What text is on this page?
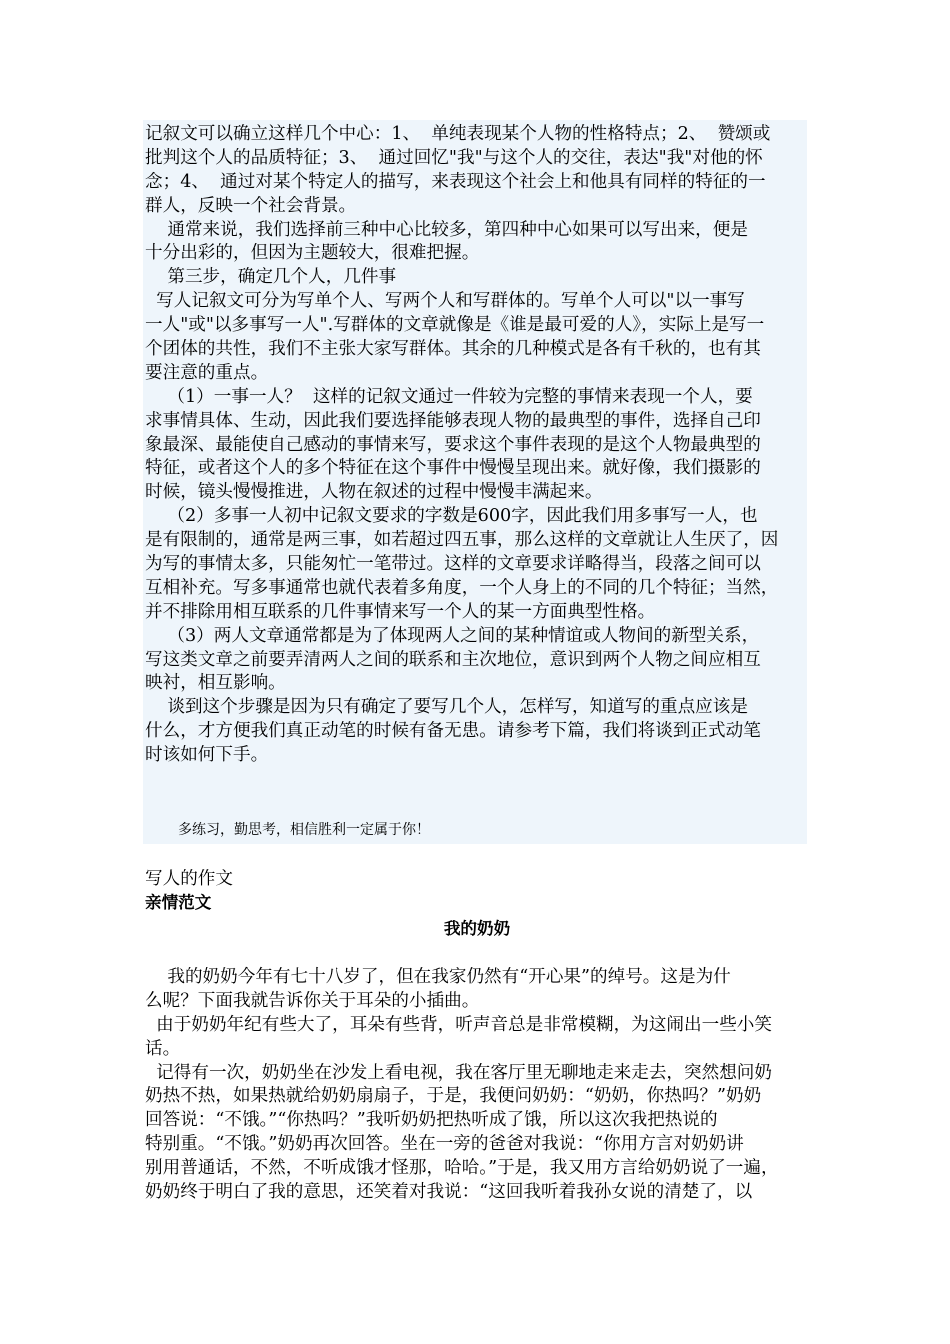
记叙文可以确立这样几个中心：1、  单纯表现某个人物的性格特点；2、  赞颂或
批判这个人的品质特征；3、  通过回忆"我"与这个人的交往，表达"我"对他的怀
念；4、  通过对某个特定人的描写，来表现这个社会上和他具有同样的特征的一
群人，反映一个社会背景。
通常来说，我们选择前三种中心比较多，第四种中心如果可以写出来，便是
十分出彩的，但因为主题较大，很难把握。
第三步，确定几个人，几件事
写人记叙文可分为写单个人、写两个人和写群体的。写单个人可以"以一事写
一人"或"以多事写一人".写群体的文章就像是《谁是最可爱的人》，实际上是写一
个团体的共性，我们不主张大家写群体。其余的几种模式是各有千秋的，也有其
要注意的重点。
（1）一事一人？  这样的记叙文通过一件较为完整的事情来表现一个人，要
求事情具体、生动，因此我们要选择能够表现人物的最典型的事件，选择自己印
象最深、最能使自己感动的事情来写，要求这个事件表现的是这个人物最典型的
特征，或者这个人的多个特征在这个事件中慢慢呈现出来。就好像，我们摄影的
时候，镜头慢慢推进，人物在叙述的过程中慢慢丰满起来。
（2）多事一人初中记叙文要求的字数是600字，因此我们用多事写一人，也
是有限制的，通常是两三事，如若超过四五事，那么这样的文章就让人生厌了，因
为写的事情太多，只能匆忙一笔带过。这样的文章要求详略得当，段落之间可以
互相补充。写多事通常也就代表着多角度，一个人身上的不同的几个特征；当然，
并不排除用相互联系的几件事情来写一个人的某一方面典型性格。
（3）两人文章通常都是为了体现两人之间的某种情谊或人物间的新型关系，
写这类文章之前要弄清两人之间的联系和主次地位，意识到两个人物之间应相互
映衬，相互影响。
谈到这个步骤是因为只有确定了要写几个人，怎样写，知道写的重点应该是
什么，才方便我们真正动笔的时候有备无患。请参考下篇，我们将谈到正式动笔
时该如何下手。
多练习，勤思考，相信胜利一定属于你！
写人的作文
亲情范文
我的奶奶
我的奶奶今年有七十八岁了，但在我家仍然有“开心果”的绰号。这是为什
么呢？下面我就告诉你关于耳朵的小插曲。
由于奶奶年纪有些大了，耳朵有些背，听声音总是非常模糊，为这闹出一些小笑
话。
记得有一次，奶奶坐在沙发上看电视，我在客厅里无聊地走来走去，突然想问奶
奶热不热，如果热就给奶奶扇扇子，于是，我便问奶奶：“奶奶，你热吗？”奶奶
回答说：“不饿。”“你热吗？”我听奶奶把热听成了饿，所以这次我把热说的
特别重。“不饿。”奶奶再次回答。坐在一旁的爸爸对我说：“你用方言对奶奶讲
别用普通话，不然，不听成饿才怪那，哈哈。”于是，我又用方言给奶奶说了一遍，
奶奶终于明白了我的意思，还笑着对我说：“这回我听着我孙女说的清楚了，以
